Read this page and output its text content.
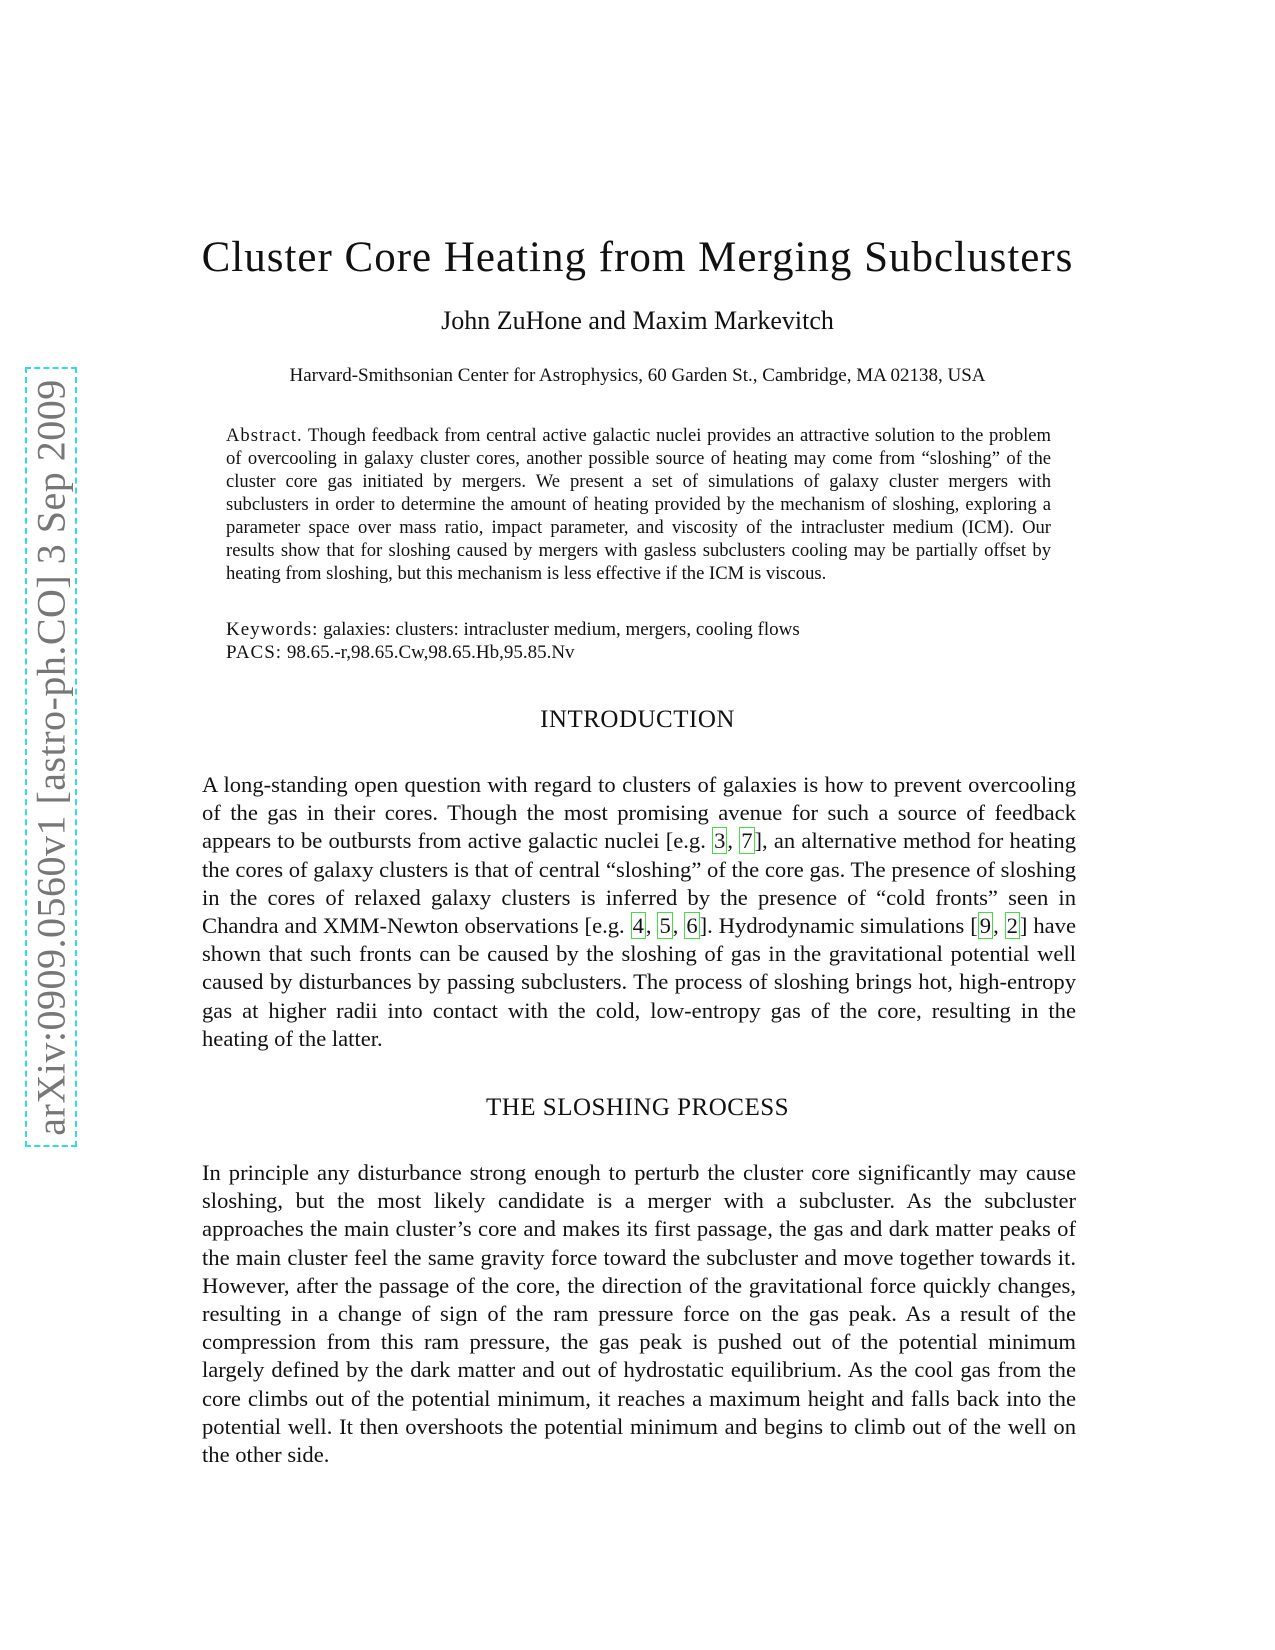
arXiv:0909.0560v1 [astro-ph.CO] 3 Sep 2009
Cluster Core Heating from Merging Subclusters
John ZuHone and Maxim Markevitch
Harvard-Smithsonian Center for Astrophysics, 60 Garden St., Cambridge, MA 02138, USA
Abstract. Though feedback from central active galactic nuclei provides an attractive solution to the problem of overcooling in galaxy cluster cores, another possible source of heating may come from “sloshing” of the cluster core gas initiated by mergers. We present a set of simulations of galaxy cluster mergers with subclusters in order to determine the amount of heating provided by the mechanism of sloshing, exploring a parameter space over mass ratio, impact parameter, and viscosity of the intracluster medium (ICM). Our results show that for sloshing caused by mergers with gasless subclusters cooling may be partially offset by heating from sloshing, but this mechanism is less effective if the ICM is viscous.
Keywords: galaxies: clusters: intracluster medium, mergers, cooling flows
PACS: 98.65.-r,98.65.Cw,98.65.Hb,95.85.Nv
INTRODUCTION

A long-standing open question with regard to clusters of galaxies is how to prevent overcooling of the gas in their cores. Though the most promising avenue for such a source of feedback appears to be outbursts from active galactic nuclei [e.g. 3, 7], an alternative method for heating the cores of galaxy clusters is that of central “sloshing” of the core gas. The presence of sloshing in the cores of relaxed galaxy clusters is inferred by the presence of “cold fronts” seen in Chandra and XMM-Newton observations [e.g. 4, 5, 6]. Hydrodynamic simulations [9, 2] have shown that such fronts can be caused by the sloshing of gas in the gravitational potential well caused by disturbances by passing subclusters. The process of sloshing brings hot, high-entropy gas at higher radii into contact with the cold, low-entropy gas of the core, resulting in the heating of the latter.

THE SLOSHING PROCESS

In principle any disturbance strong enough to perturb the cluster core significantly may cause sloshing, but the most likely candidate is a merger with a subcluster. As the subcluster approaches the main cluster’s core and makes its first passage, the gas and dark matter peaks of the main cluster feel the same gravity force toward the subcluster and move together towards it. However, after the passage of the core, the direction of the gravitational force quickly changes, resulting in a change of sign of the ram pressure force on the gas peak. As a result of the compression from this ram pressure, the gas peak is pushed out of the potential minimum largely defined by the dark matter and out of hydrostatic equilibrium. As the cool gas from the core climbs out of the potential minimum, it reaches a maximum height and falls back into the potential well. It then overshoots the potential minimum and begins to climb out of the well on the other side.
